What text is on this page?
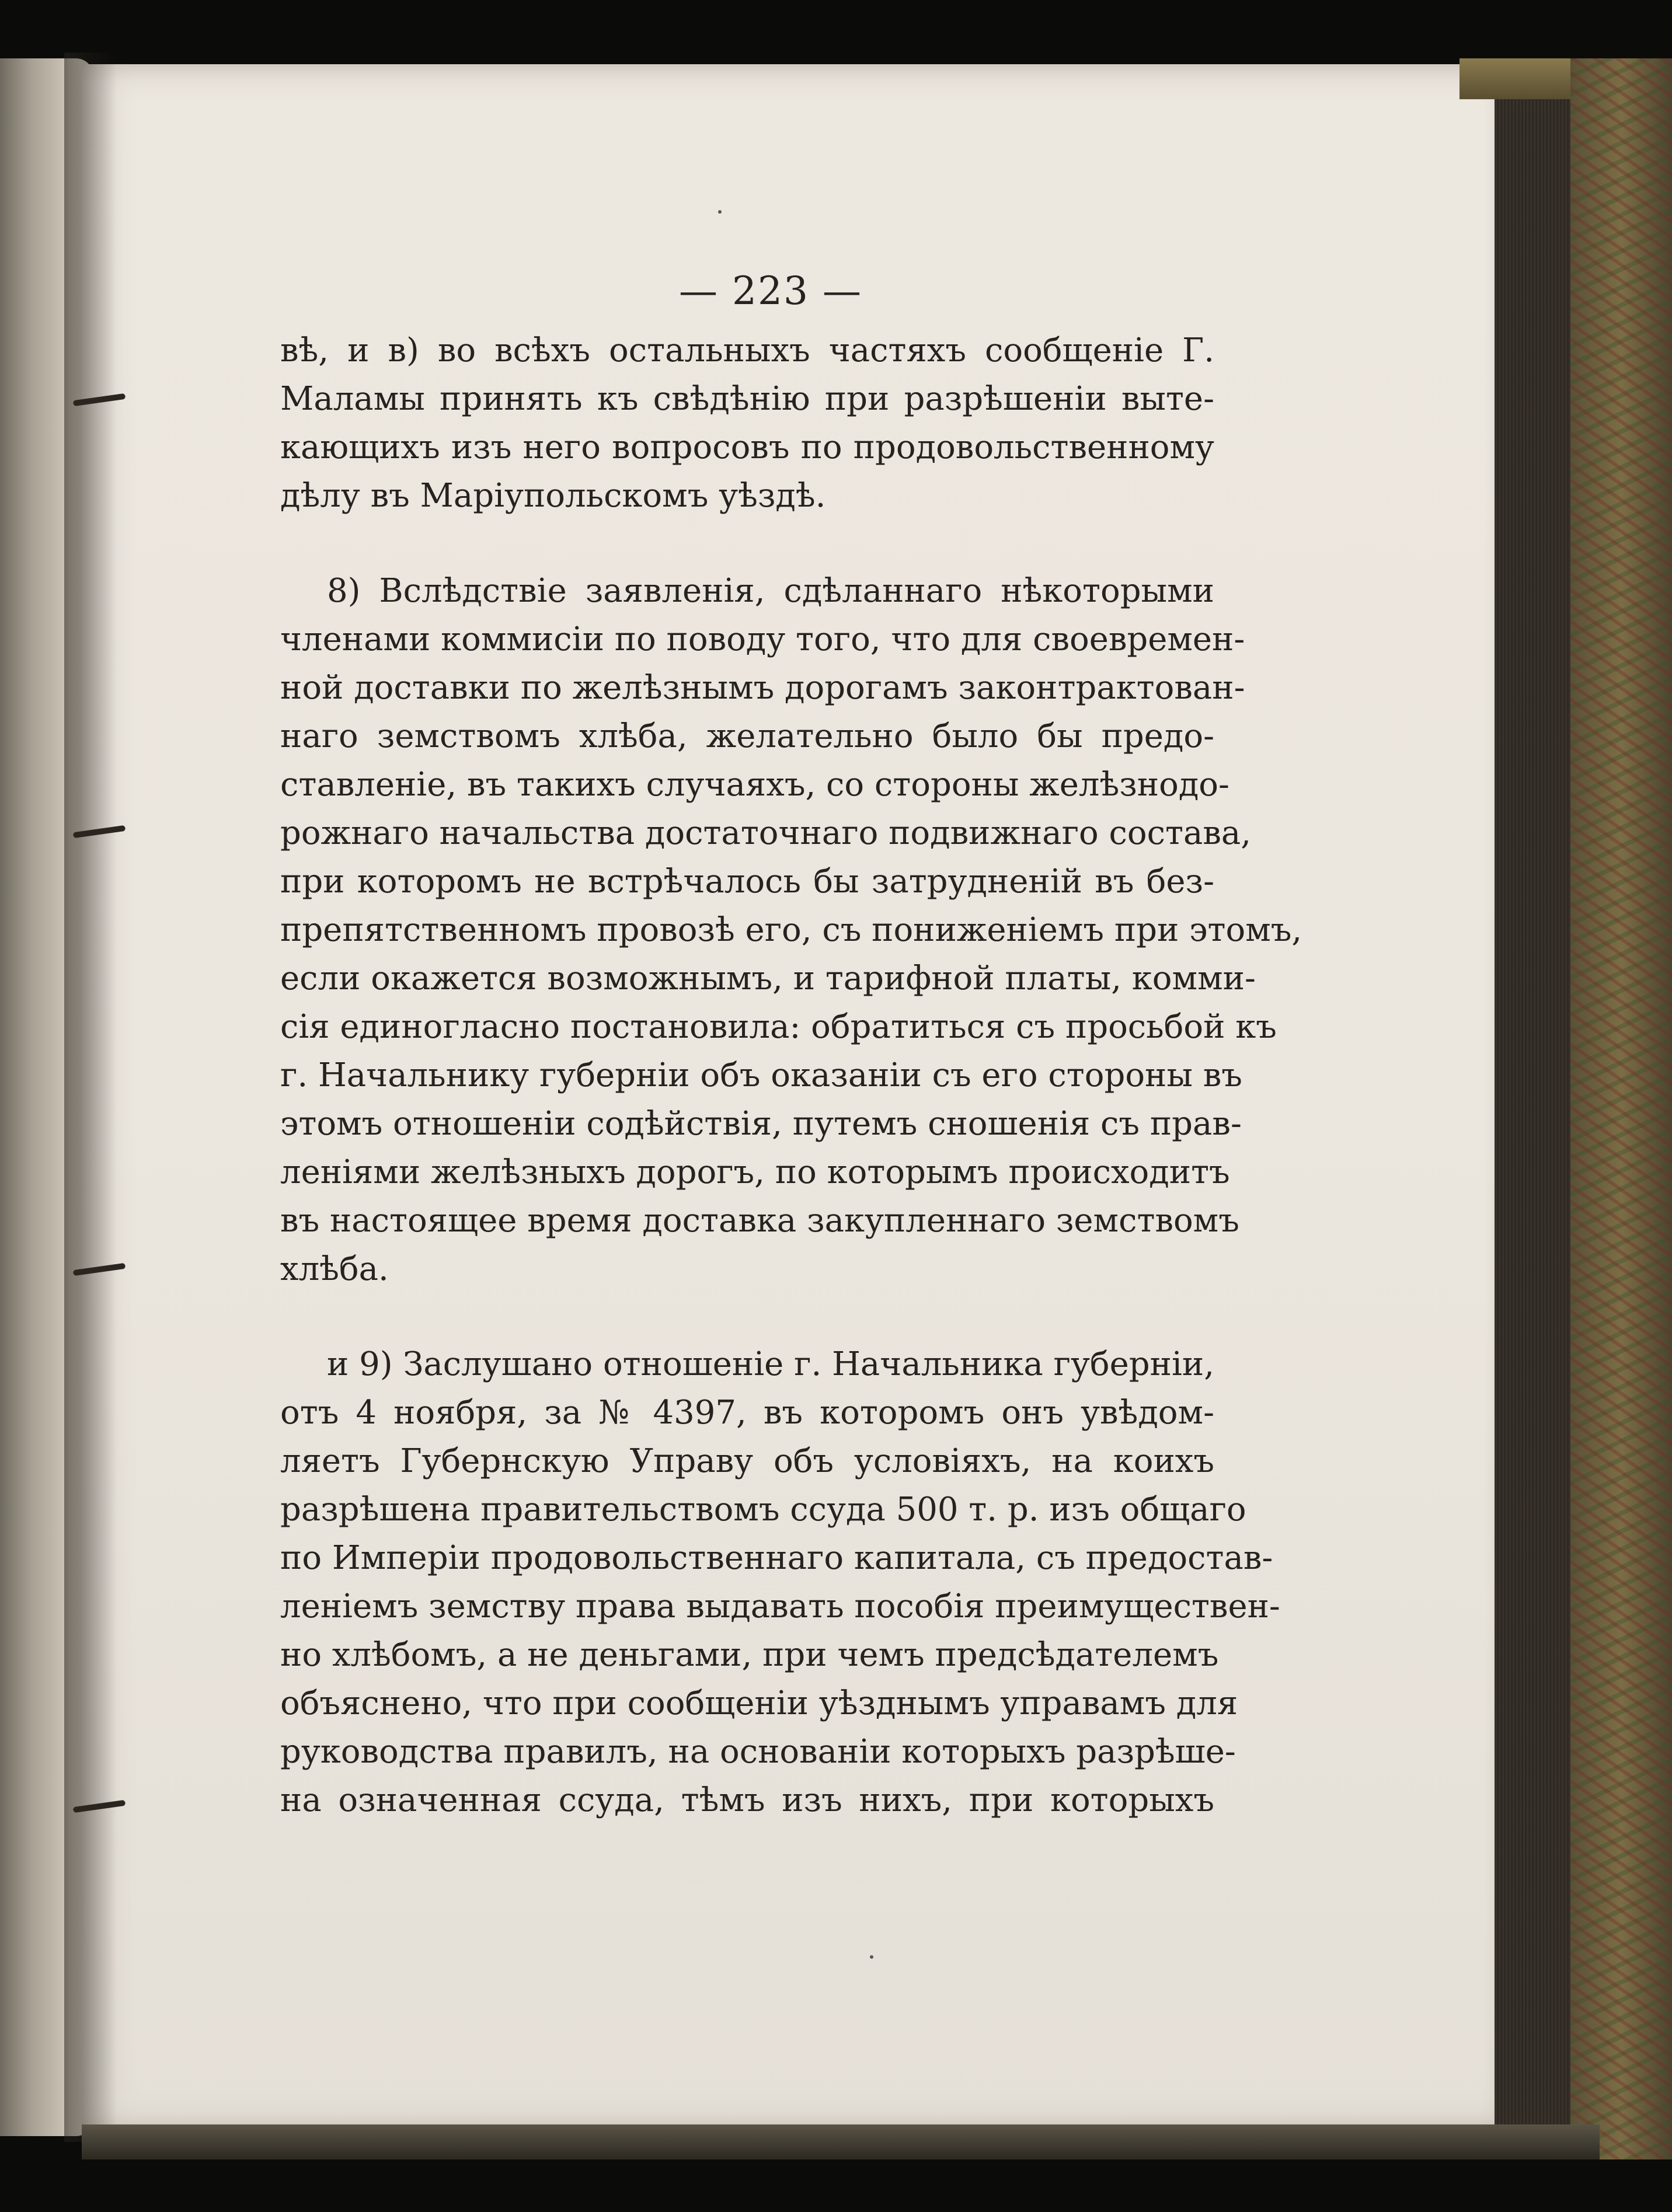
— 223 —

вѣ, и в) во всѣхъ остальныхъ частяхъ сообщеніе Г.
Маламы принять къ свѣдѣнію при разрѣшеніи выте-
кающихъ изъ него вопросовъ по продовольственному
дѣлу въ Маріупольскомъ уѣздѣ.

8) Вслѣдствіе заявленія, сдѣланнаго нѣкоторыми
членами коммисіи по поводу того, что для своевремен-
ной доставки по желѣзнымъ дорогамъ законтрактован-
наго земствомъ хлѣба, желательно было бы предо-
ставленіе, въ такихъ случаяхъ, со стороны желѣзнодо-
рожнаго начальства достаточнаго подвижнаго состава,
при которомъ не встрѣчалось бы затрудненій въ без-
препятственномъ провозѣ его, съ пониженіемъ при этомъ,
если окажется возможнымъ, и тарифной платы, комми-
сія единогласно постановила: обратиться съ просьбой къ
г. Начальнику губерніи объ оказаніи съ его стороны въ
этомъ отношеніи содѣйствія, путемъ сношенія съ прав-
леніями желѣзныхъ дорогъ, по которымъ происходитъ
въ настоящее время доставка закупленнаго земствомъ
хлѣба.

и 9) Заслушано отношеніе г. Начальника губерніи,
отъ 4 ноября, за № 4397, въ которомъ онъ увѣдом-
ляетъ Губернскую Управу объ условіяхъ, на коихъ
разрѣшена правительствомъ ссуда 500 т. р. изъ общаго
по Имперіи продовольственнаго капитала, съ предостав-
леніемъ земству права выдавать пособія преимуществен-
но хлѣбомъ, а не деньгами, при чемъ предсѣдателемъ
объяснено, что при сообщеніи уѣзднымъ управамъ для
руководства правилъ, на основаніи которыхъ разрѣше-
на означенная ссуда, тѣмъ изъ нихъ, при которыхъ
